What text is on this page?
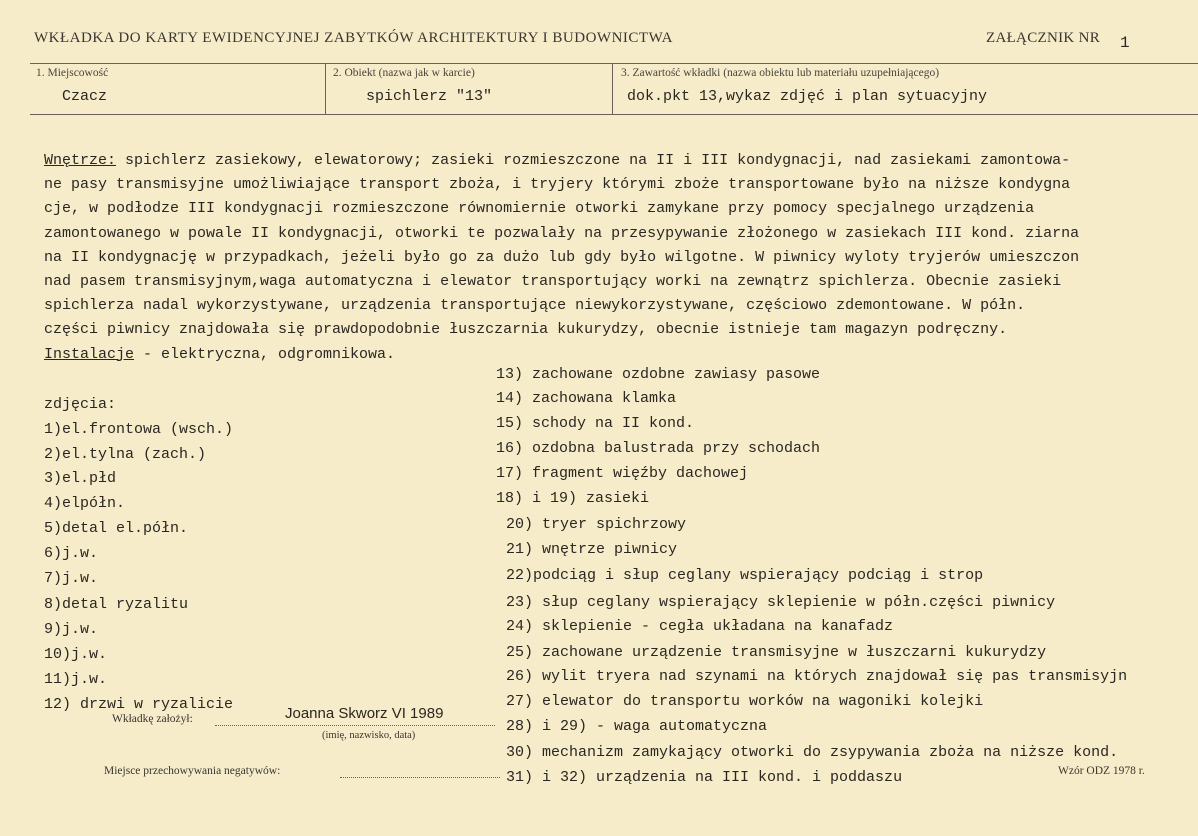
WKŁADKA DO KARTY EWIDENCYJNEJ ZABYTKÓW ARCHITEKTURY I BUDOWNICTWA	ZAŁĄCZNIK NR 1
1. Miejscowość
Czacz
2. Obiekt (nazwa jak w karcie)
spichlerz "13"
3. Zawartość wkładki (nazwa obiektu lub materiału uzupełniającego)
dok.pkt 13,wykaz zdjęć i plan sytuacyjny
Wnętrze: spichlerz zasiekowy, elewatorowy; zasieki rozmieszczone na II i III kondygnacji, nad zasiekami zamontowa-
ne pasy transmisyjne umożliwiające transport zboża, i tryjery którymi zboże transportowane było na niższe kondygna
cje, w podłodze III kondygnacji rozmieszczone równomiernie otworki zamykane przy pomocy specjalnego urządzenia
zamontowanego w powale II kondygnacji, otworki te pozwalały na przesypywanie złożonego w zasiekach III kond. ziarna
na II kondygnację w przypadkach, jeżeli było go za dużo lub gdy było wilgotne. W piwnicy wyloty tryjerów umieszczon
nad pasem transmisyjnym,waga automatyczna i elewator transportujący worki na zewnątrz spichlerza. Obecnie zasieki
spichlerza nadal wykorzystywane, urządzenia transportujące niewykorzystywane, częściowo zdemontowane. W półn.
części piwnicy znajdowała się prawdopodobnie łuszczarnia kukurydzy, obecnie istnieje tam magazyn podręczny.
Instalacje - elektryczna, odgromnikowa.
zdjęcia:
1)el.frontowa (wsch.)
2)el.tylna (zach.)
3)el.płd
4)elpółn.
5)detal el.półn.
6)j.w.
7)j.w.
8)detal ryzalitu
9)j.w.
10)j.w.
11)j.w.
12) drzwi w ryzalicie
13) zachowane ozdobne zawiasy pasowe
14) zachowana klamka
15) schody na II kond.
16) ozdobna balustrada przy schodach
17) fragment więźby dachowej
18) i 19) zasieki
20) tryer spichrzowy
21) wnętrze piwnicy
22)podciąg i słup ceglany wspierający podciąg i strop
23) słup ceglany wspierający sklepienie w półn.części piwnicy
24) sklepienie - cegła układana na kanafadz
25) zachowane urządzenie transmisyjne w łuszczarni kukurydzy
26) wylit tryera nad szynami na których znajdował się pas transmisyjn
27) elewator do transportu worków na wagoniki kolejki
28) i 29) - waga automatyczna
30) mechanizm zamykający otworki do zsypywania zboża na niższe kond.
31) i 32) urządzenia na III kond. i poddaszu
Wkładkę założył:	Joanna Skworz VI 1989
(imię, nazwisko, data)
Miejsce przechowywania negatywów:	Wzór ODZ 1978 r.
